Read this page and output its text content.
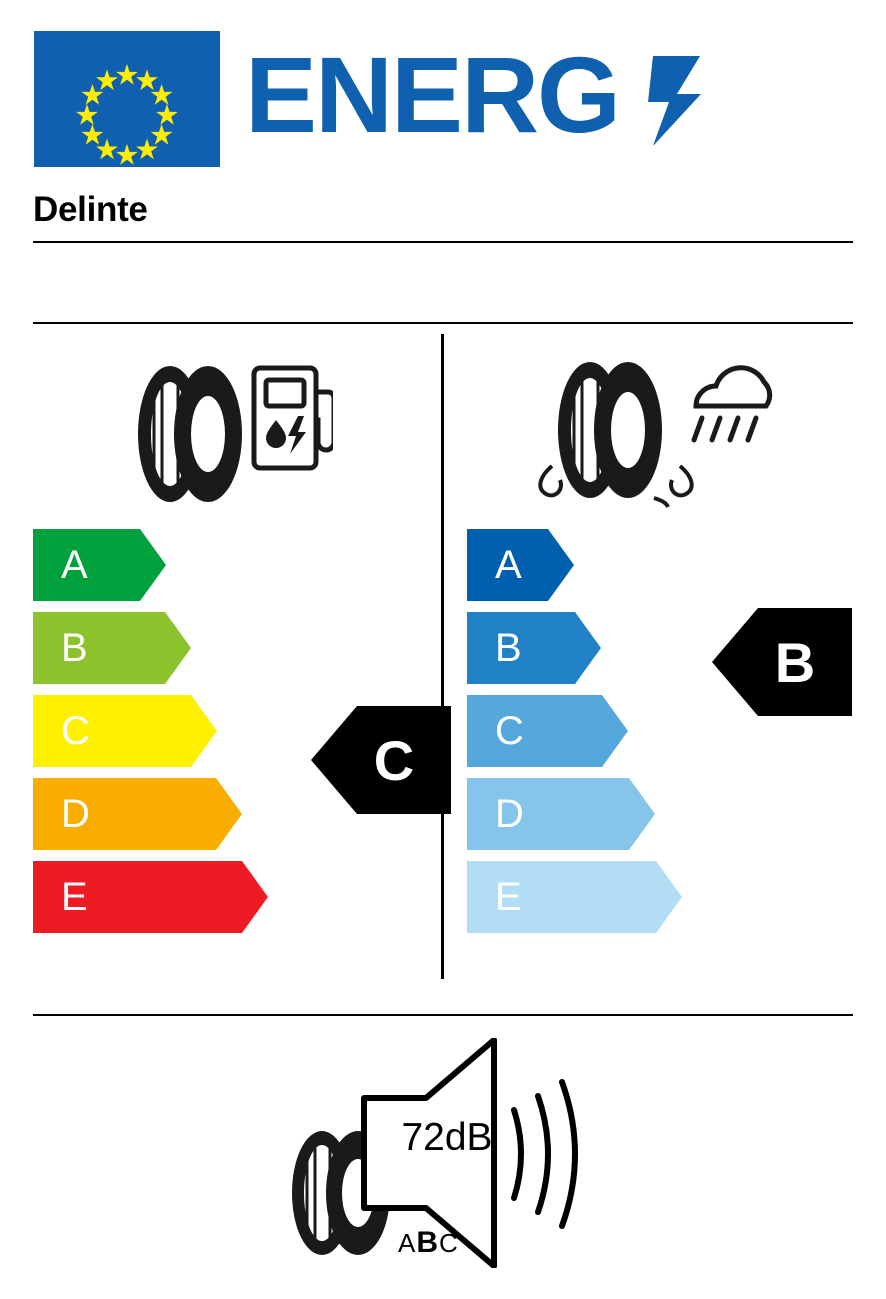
ENERG
Delinte
A
B
C
D
E
C
A
B
C
D
E
B
72dB
ABC
